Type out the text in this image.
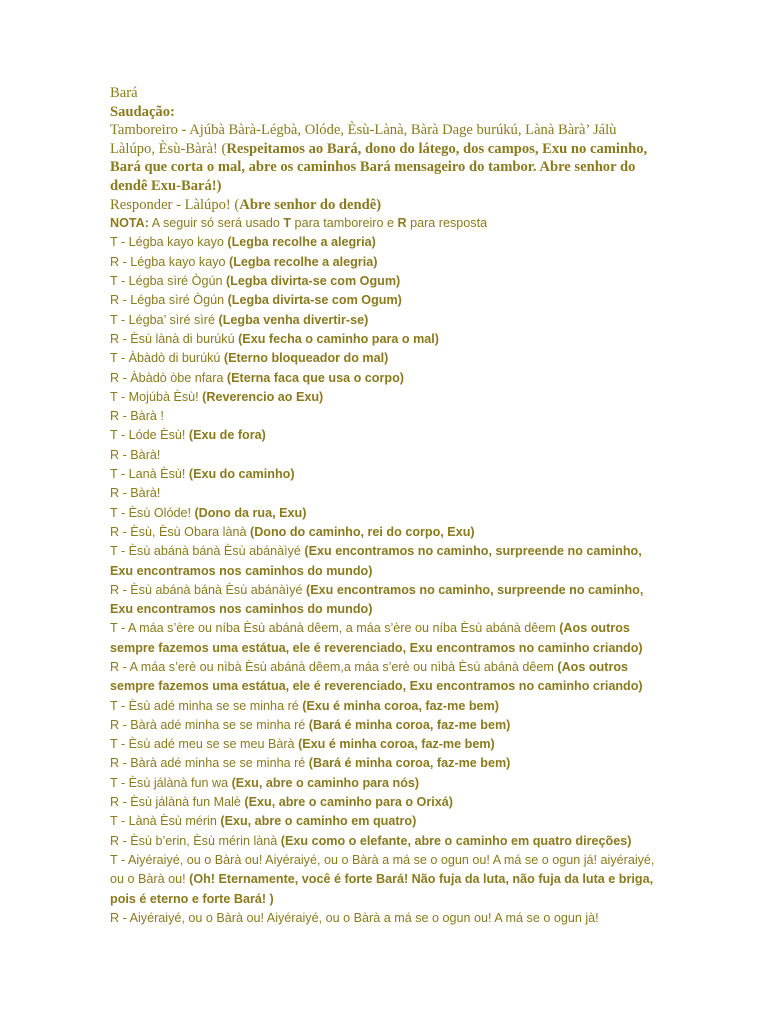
Bará

Saudação:

Tamboreiro - Ajúbà Bàrà-Légbà, Olóde, Èsù-Lànà, Bàrà Dage burúkú, Lànà Bàrà’ Jálù Làlúpo, Èsù-Bàrà! (Respeitamos ao Bará, dono do látego, dos campos, Exu no caminho, Bará que corta o mal, abre os caminhos Bará mensageiro do tambor. Abre senhor do dendê Exu-Bará!)

Responder - Làlúpo! (Abre senhor do dendê)

NOTA: A seguir só será usado T para tamboreiro e R para resposta

T - Légba kayo kayo (Legba recolhe a alegria)

R - Légba kayo kayo (Legba recolhe a alegria)

T - Légba sìré Ògún (Legba divirta-se com Ogum)

R - Légba sìré Ògún (Legba divirta-se com Ogum)

T - Légba’ sìré sìré (Legba venha divertir-se)

R - Èsù lànà di burúkú (Exu fecha o caminho para o mal)

T - Àbàdò di burúkú (Eterno bloqueador do mal)

R - Àbàdò òbe nfara (Eterna faca que usa o corpo)

T - Mojúbà Èsù! (Reverencio ao Exu)

R - Bàrà !

T - Lóde Èsù! (Exu de fora)

R - Bàrà!

T - Lanà Èsù! (Exu do caminho)

R - Bàrà!

T - Èsù Olóde! (Dono da rua, Exu)

R - Èsù, Èsù Obara lànà (Dono do caminho, rei do corpo, Exu)

T - Èsù abánà bánà Èsù abánàìyé (Exu encontramos no caminho, surpreende no caminho, Exu encontramos nos caminhos do mundo)

R - Èsù abánà bánà Èsù abánàìyé (Exu encontramos no caminho, surpreende no caminho, Exu encontramos nos caminhos do mundo)

T - A máa s’ère ou níba Èsù abánà dêem, a máa s’ère ou níba Èsù abánà dêem (Aos outros sempre fazemos uma estátua, ele é reverenciado, Exu encontramos no caminho criando)

R - A máa s’erè ou nìbà Èsù abánà dêem,a máa s’erè ou nìbà Èsù abánà dêem (Aos outros sempre fazemos uma estátua, ele é reverenciado, Exu encontramos no caminho criando)

T - Èsù adé minha se se minha ré (Exu é minha coroa, faz-me bem)

R - Bàrà adé minha se se minha ré (Bará é minha coroa, faz-me bem)

T - Èsù adé meu se se meu Bàrà (Exu é minha coroa, faz-me bem)

R - Bàrà adé minha se se minha ré (Bará é minha coroa, faz-me bem)

T - Èsù jálànà fun wa (Exu, abre o caminho para nós)

R - Èsù jálànà fun Malè (Exu, abre o caminho para o Orixá)

T - Lànà Èsù mérin (Exu, abre o caminho em quatro)

R - Èsù b’erin, Èsù mérin lànà (Exu como o elefante, abre o caminho em quatro direções)

T - Aiyéraiyé, ou o Bàrà ou! Aiyéraiyé, ou o Bàrà a má se o ogun ou! A má se o ogun já! aiyéraiyé, ou o Bàrà ou! (Oh! Eternamente, você é forte Bará! Não fuja da luta, não fuja da luta e briga, pois é eterno e forte Bará! )

R - Aiyéraiyé, ou o Bàrà ou! Aiyéraiyé, ou o Bàrà a má se o ogun ou! A má se o ogun jà!
